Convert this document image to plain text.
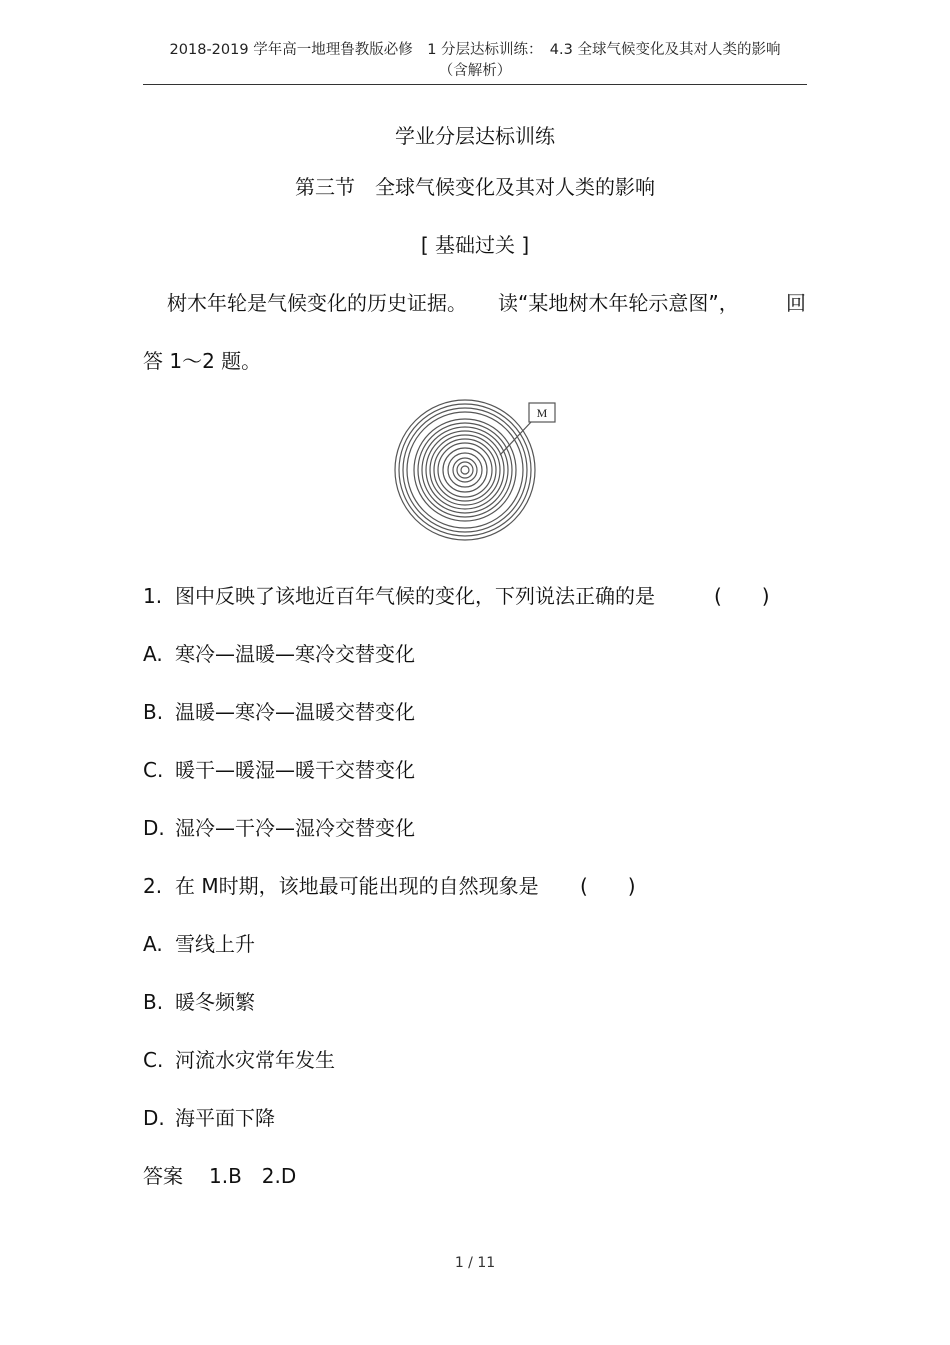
2018-2019 学年高一地理鲁教版必修　1 分层达标训练：　4.3 全球气候变化及其对人类的影响
（含解析）
学业分层达标训练
第三节　全球气候变化及其对人类的影响
[ 基础过关 ]
树木年轮是气候变化的历史证据。 读“某地树木年轮示意图”， 回
答 1～2 题。
M
1. 图中反映了该地近百年气候的变化，下列说法正确的是	(　　)
A. 寒冷—温暖—寒冷交替变化
B. 温暖—寒冷—温暖交替变化
C. 暖干—暖湿—暖干交替变化
D. 湿冷—干冷—湿冷交替变化
2. 在 M时期，该地最可能出现的自然现象是 (　　)
A. 雪线上升
B. 暖冬频繁
C. 河流水灾常年发生
D. 海平面下降
答案 1.B　2.D
1 / 11
